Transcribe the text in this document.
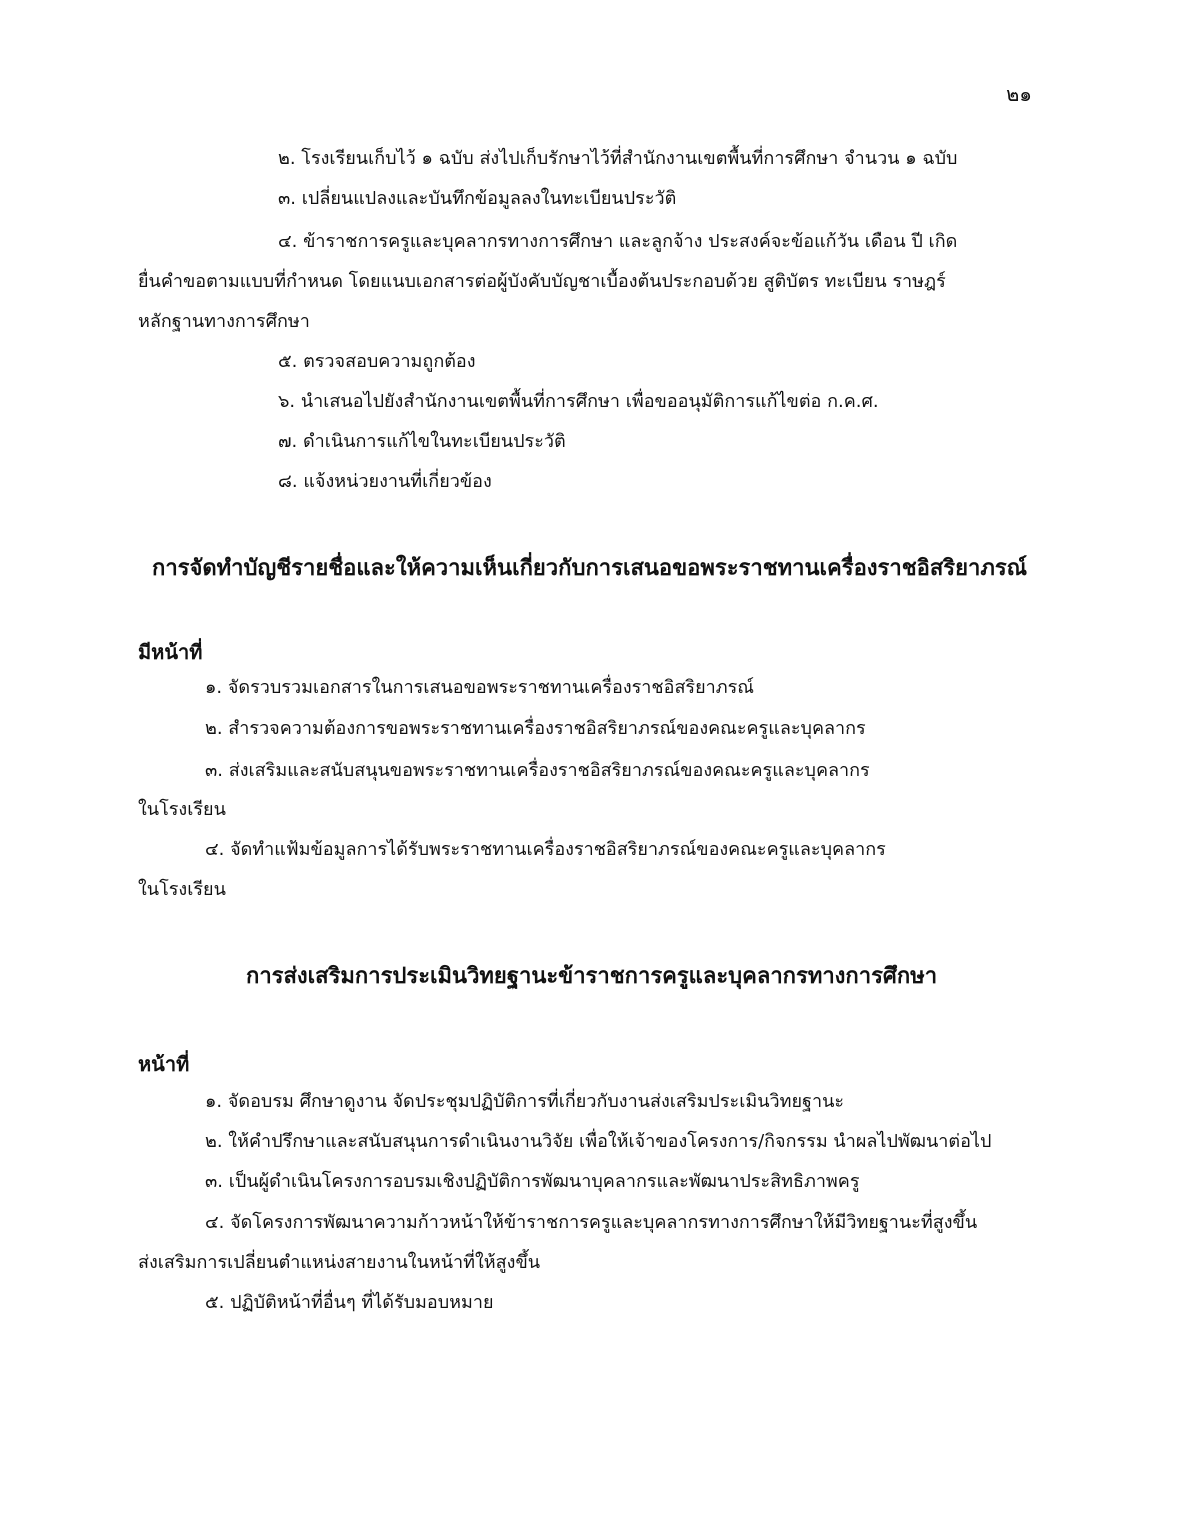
๒๑
๒. โรงเรียนเก็บไว้ ๑ ฉบับ ส่งไปเก็บรักษาไว้ที่สำนักงานเขตพื้นที่การศึกษา จำนวน ๑ ฉบับ
๓. เปลี่ยนแปลงและบันทึกข้อมูลลงในทะเบียนประวัติ
๔. ข้าราชการครูและบุคลากรทางการศึกษา และลูกจ้าง ประสงค์จะข้อแก้วัน เดือน ปี เกิด
ยื่นคำขอตามแบบที่กำหนด โดยแนบเอกสารต่อผู้บังคับบัญชาเบื้องต้นประกอบด้วย สูติบัตร ทะเบียน ราษฎร์
หลักฐานทางการศึกษา
๕. ตรวจสอบความถูกต้อง
๖. นำเสนอไปยังสำนักงานเขตพื้นที่การศึกษา เพื่อขออนุมัติการแก้ไขต่อ ก.ค.ศ.
๗. ดำเนินการแก้ไขในทะเบียนประวัติ
๘. แจ้งหน่วยงานที่เกี่ยวข้อง
การจัดทำบัญชีรายชื่อและให้ความเห็นเกี่ยวกับการเสนอขอพระราชทานเครื่องราชอิสริยาภรณ์
มีหน้าที่
๑. จัดรวบรวมเอกสารในการเสนอขอพระราชทานเครื่องราชอิสริยาภรณ์
๒. สำรวจความต้องการขอพระราชทานเครื่องราชอิสริยาภรณ์ของคณะครูและบุคลากร
๓. ส่งเสริมและสนับสนุนขอพระราชทานเครื่องราชอิสริยาภรณ์ของคณะครูและบุคลากร
ในโรงเรียน
๔. จัดทำแฟ้มข้อมูลการได้รับพระราชทานเครื่องราชอิสริยาภรณ์ของคณะครูและบุคลากร
ในโรงเรียน
การส่งเสริมการประเมินวิทยฐานะข้าราชการครูและบุคลากรทางการศึกษา
หน้าที่
๑. จัดอบรม ศึกษาดูงาน จัดประชุมปฏิบัติการที่เกี่ยวกับงานส่งเสริมประเมินวิทยฐานะ
๒. ให้คำปรึกษาและสนับสนุนการดำเนินงานวิจัย เพื่อให้เจ้าของโครงการ/กิจกรรม นำผลไปพัฒนาต่อไป
๓. เป็นผู้ดำเนินโครงการอบรมเชิงปฏิบัติการพัฒนาบุคลากรและพัฒนาประสิทธิภาพครู
๔. จัดโครงการพัฒนาความก้าวหน้าให้ข้าราชการครูและบุคลากรทางการศึกษาให้มีวิทยฐานะที่สูงขึ้น
ส่งเสริมการเปลี่ยนตำแหน่งสายงานในหน้าที่ให้สูงขึ้น
๕. ปฏิบัติหน้าที่อื่นๆ ที่ได้รับมอบหมาย
